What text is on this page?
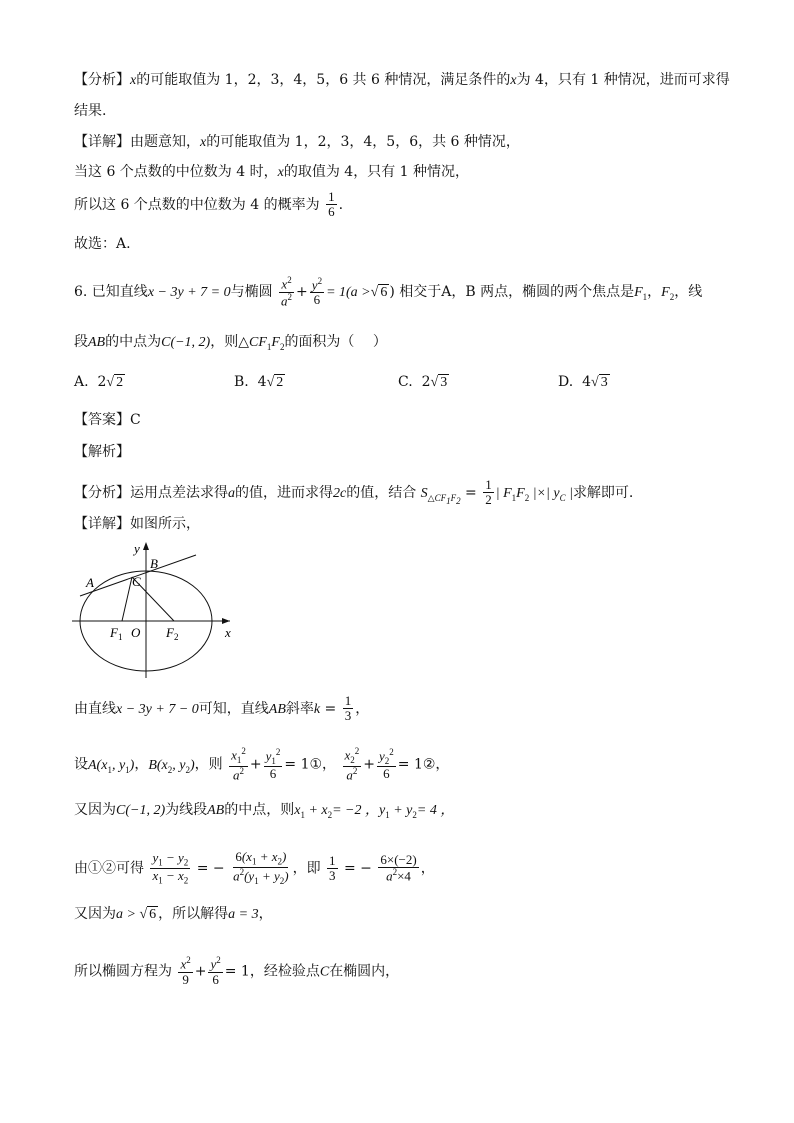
【分析】x的可能取值为 1，2，3，4，5，6 共 6 种情况，满足条件的x为 4，只有 1 种情况，进而可求得
结果.
【详解】由题意知，x的可能取值为 1，2，3，4，5，6，共 6 种情况，
当这 6 个点数的中位数为 4 时，x的取值为 4，只有 1 种情况，
所以这 6 个点数的中位数为 4 的概率为 $\frac{1}{6}$ .
故选：A.
6. 已知直线x − 3y + 7 = 0与椭圆 $\frac{x^2}{a^2} + \frac{y^2}{6} = 1(a$ >√ 6 ) 相交于A，B 两点，椭圆的两个焦点是$F_1$，$F_2$，线
段AB的中点为C(−1, 2)，则$\triangle CF_1F_2$的面积为（　 ）
A. 2√ 2	B. 4√ 2	C. 2√ 3	D. 4√ 3
【答案】C
【解析】
【分析】运用点差法求得a的值，进而求得2c的值，结合 $S_{\triangle CF_1F_2} = \frac{1}{2}$ | $F_1F_2$ |×| $y_C$ |求解即可.
【详解】如图所示，
y
x
A
B
C
$F_1$ O $F_2$
由直线x − 3y + 7 − 0可知，直线AB斜率$k = \frac{1}{3}$ ，
设$A(x_1$, $y_1$)，$B(x_2$, $y_2$)，则 $\frac{x_1^2}{a^2} + \frac{y_1^2}{6}$ = 1①， $\frac{x_2^2}{a^2} + \frac{y_2^2}{6}$ = 1②，
又因为C(−1, 2)为线段AB的中点，则$x_1 + x_2= -2$ ，$y_1 + y_2= 4$ ，
由①②可得 $\frac{y_1 - y_2}{x_1 - x_2}$ = − $\frac{6(x_1 + x_2)}{a^2(y_1 + y_2)}$ ，即 $\frac{1}{3}$ = − $\frac{6\times(-2)}{a^2\times 4}$ ，
又因为a > √ 6 ，所以解得a = 3，
所以椭圆方程为 $\frac{x^2}{9} + \frac{y^2}{6} = 1$，经检验点C在椭圆内，
